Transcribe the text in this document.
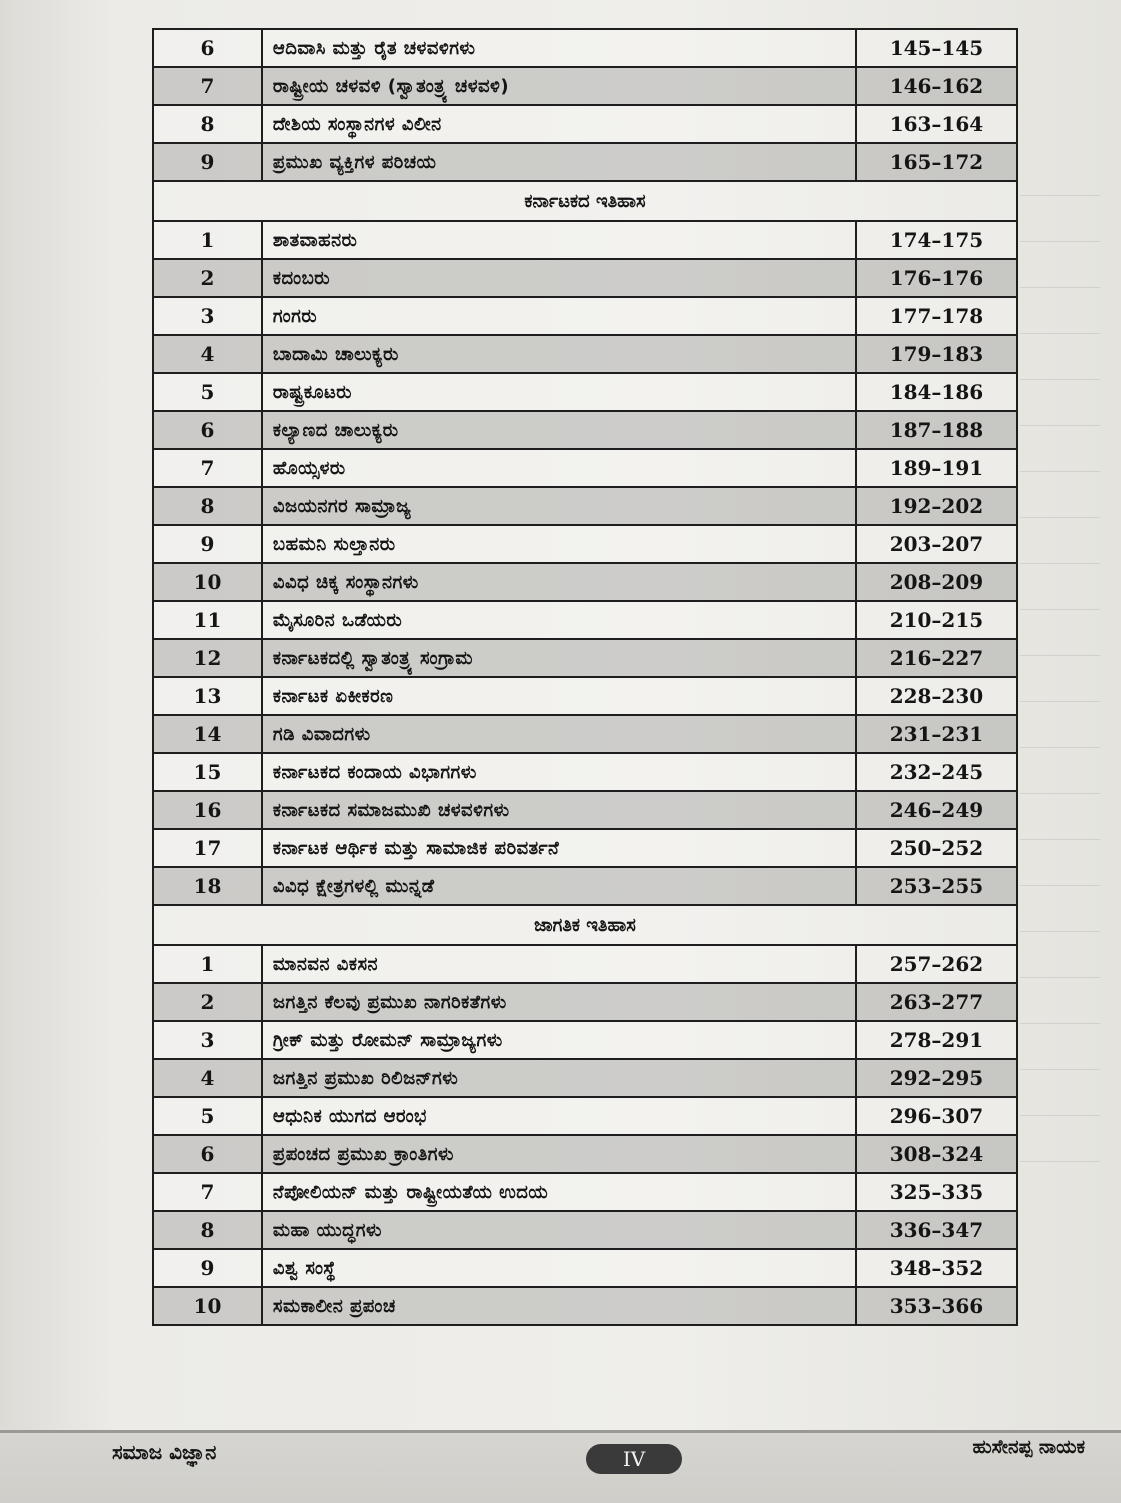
6	ಆದಿವಾಸಿ ಮತ್ತು ರೈತ ಚಳವಳಿಗಳು	145–145
7	ರಾಷ್ಟ್ರೀಯ ಚಳವಳಿ (ಸ್ವಾತಂತ್ರ್ಯ ಚಳವಳಿ)	146–162
8	ದೇಶಿಯ ಸಂಸ್ಥಾನಗಳ ವಿಲೀನ	163–164
9	ಪ್ರಮುಖ ವ್ಯಕ್ತಿಗಳ ಪರಿಚಯ	165–172
ಕರ್ನಾಟಕದ ಇತಿಹಾಸ		
1	ಶಾತವಾಹನರು	174–175
2	ಕದಂಬರು	176–176
3	ಗಂಗರು	177–178
4	ಬಾದಾಮಿ ಚಾಲುಕ್ಯರು	179–183
5	ರಾಷ್ಟ್ರಕೂಟರು	184–186
6	ಕಲ್ಯಾಣದ ಚಾಲುಕ್ಯರು	187–188
7	ಹೊಯ್ಸಳರು	189–191
8	ವಿಜಯನಗರ ಸಾಮ್ರಾಜ್ಯ	192–202
9	ಬಹಮನಿ ಸುಲ್ತಾನರು	203–207
10	ವಿವಿಧ ಚಿಕ್ಕ ಸಂಸ್ಥಾನಗಳು	208–209
11	ಮೈಸೂರಿನ ಒಡೆಯರು	210–215
12	ಕರ್ನಾಟಕದಲ್ಲಿ ಸ್ವಾತಂತ್ರ್ಯ ಸಂಗ್ರಾಮ	216–227
13	ಕರ್ನಾಟಕ ಏಕೀಕರಣ	228–230
14	ಗಡಿ ವಿವಾದಗಳು	231–231
15	ಕರ್ನಾಟಕದ ಕಂದಾಯ ವಿಭಾಗಗಳು	232–245
16	ಕರ್ನಾಟಕದ ಸಮಾಜಮುಖಿ ಚಳವಳಿಗಳು	246–249
17	ಕರ್ನಾಟಕ ಆರ್ಥಿಕ ಮತ್ತು ಸಾಮಾಜಿಕ ಪರಿವರ್ತನೆ	250–252
18	ವಿವಿಧ ಕ್ಷೇತ್ರಗಳಲ್ಲಿ ಮುನ್ನಡೆ	253–255
ಜಾಗತಿಕ ಇತಿಹಾಸ		
1	ಮಾನವನ ವಿಕಸನ	257–262
2	ಜಗತ್ತಿನ ಕೆಲವು ಪ್ರಮುಖ ನಾಗರಿಕತೆಗಳು	263–277
3	ಗ್ರೀಕ್ ಮತ್ತು ರೋಮನ್ ಸಾಮ್ರಾಜ್ಯಗಳು	278–291
4	ಜಗತ್ತಿನ ಪ್ರಮುಖ ರಿಲಿಜನ್‌ಗಳು	292–295
5	ಆಧುನಿಕ ಯುಗದ ಆರಂಭ	296–307
6	ಪ್ರಪಂಚದ ಪ್ರಮುಖ ಕ್ರಾಂತಿಗಳು	308–324
7	ನೆಪೋಲಿಯನ್ ಮತ್ತು ರಾಷ್ಟ್ರೀಯತೆಯ ಉದಯ	325–335
8	ಮಹಾ ಯುದ್ಧಗಳು	336–347
9	ವಿಶ್ವ ಸಂಸ್ಥೆ	348–352
10	ಸಮಕಾಲೀನ ಪ್ರಪಂಚ	353–366
ಸಮಾಜ ವಿಜ್ಞಾನ	IV	ಹುಸೇನಪ್ಪ ನಾಯಕ
